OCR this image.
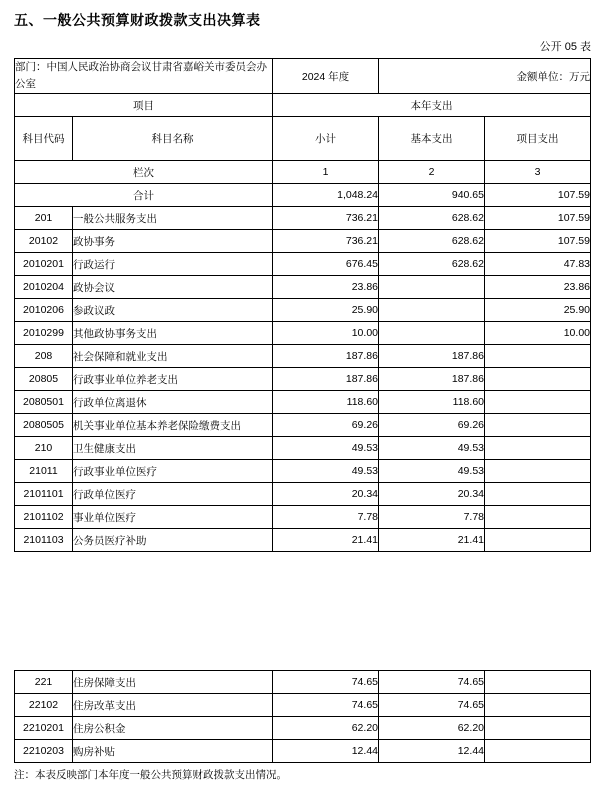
五、一般公共预算财政拨款支出决算表
公开 05 表
部门：中国人民政治协商会议甘肃省嘉峪关市委员会办公室		2024 年度	金额单位：万元	
项目		本年支出		
科目代码	科目名称	小计	基本支出	项目支出
栏次		1	2	3
合计		1,048.24	940.65	107.59
201	一般公共服务支出	736.21	628.62	107.59
20102	政协事务	736.21	628.62	107.59
2010201	行政运行	676.45	628.62	47.83
2010204	政协会议	23.86		23.86
2010206	参政议政	25.90		25.90
2010299	其他政协事务支出	10.00		10.00
208	社会保障和就业支出	187.86	187.86	
20805	行政事业单位养老支出	187.86	187.86	
2080501	行政单位离退休	118.60	118.60	
2080505	机关事业单位基本养老保险缴费支出	69.26	69.26	
210	卫生健康支出	49.53	49.53	
21011	行政事业单位医疗	49.53	49.53	
2101101	行政单位医疗	20.34	20.34	
2101102	事业单位医疗	7.78	7.78	
2101103	公务员医疗补助	21.41	21.41	
221	住房保障支出	74.65	74.65	
22102	住房改革支出	74.65	74.65	
2210201	住房公积金	62.20	62.20	
2210203	购房补贴	12.44	12.44	
注：本表反映部门本年度一般公共预算财政拨款支出情况。
